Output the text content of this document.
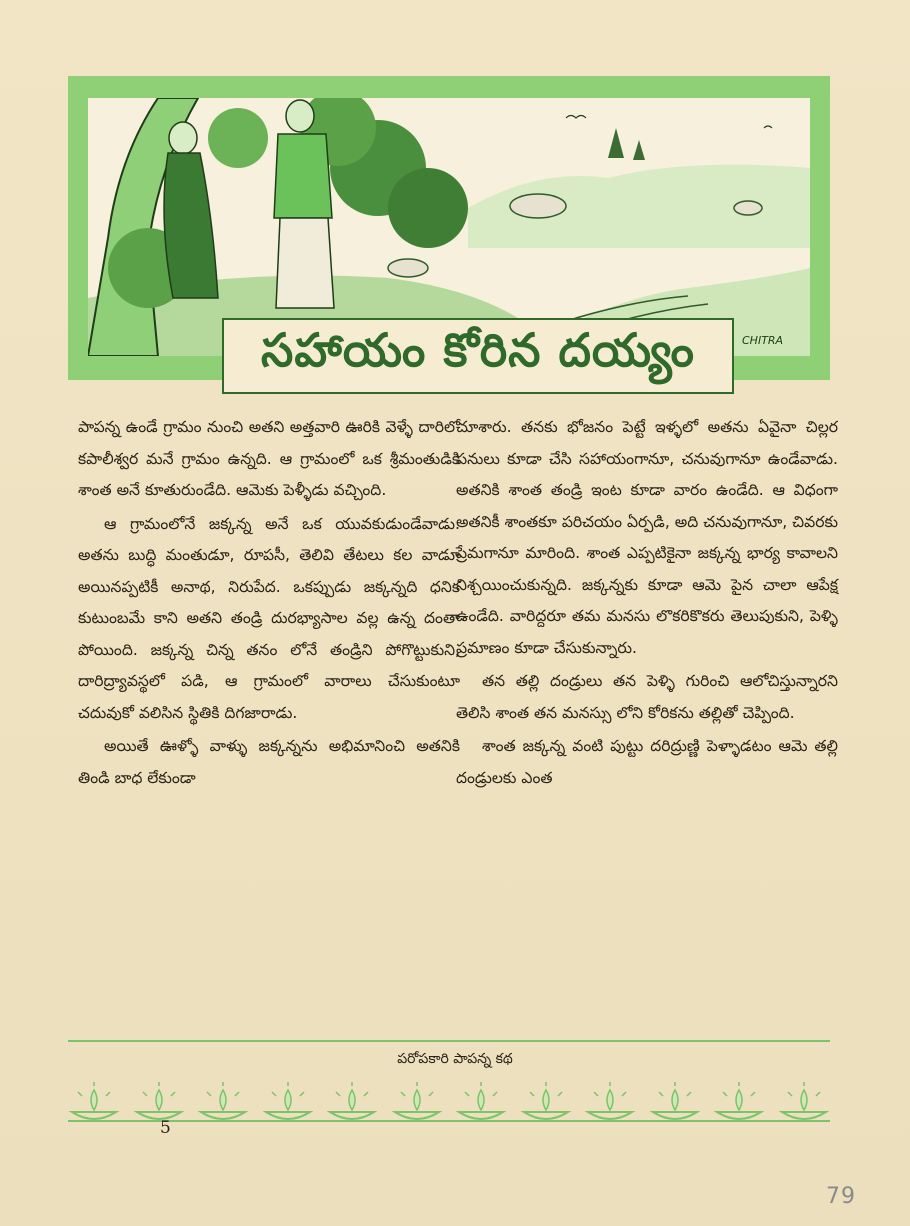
సహాయం కోరిన దయ్యం	CHITRA

పాపన్న ఉండే గ్రామం నుంచి అతని అత్తవారి ఊరికి వెళ్ళే దారిలో కపాలీశ్వర మనే గ్రామం ఉన్నది. ఆ గ్రామంలో ఒక శ్రీమంతుడికి శాంత అనే కూతురుండేది. ఆమెకు పెళ్ళీడు వచ్చింది.

ఆ గ్రామంలోనే జక్కన్న అనే ఒక యువకుడుండేవాడు. అతను బుద్ధి మంతుడూ, రూపసీ, తెలివి తేటలు కల వాడూ అయినప్పటికీ అనాథ, నిరుపేద. ఒకప్పుడు జక్కన్నది ధనిక కుటుంబమే కాని అతని తండ్రి దురభ్యాసాల వల్ల ఉన్న దంతా పోయింది. జక్కన్న చిన్న తనం లోనే తండ్రిని పోగొట్టుకుని, దారిద్ర్యావస్థలో పడి, ఆ గ్రామంలో వారాలు చేసుకుంటూ చదువుకో వలిసిన స్థితికి దిగజారాడు.

అయితే ఊళ్ళో వాళ్ళు జక్కన్నను అభిమానించి అతనికి తిండి బాధ లేకుండా

చూశారు. తనకు భోజనం పెట్టే ఇళ్ళలో అతను ఏవైనా చిల్లర పనులు కూడా చేసి సహాయంగానూ, చనువుగానూ ఉండేవాడు. అతనికి శాంత తండ్రి ఇంట కూడా వారం ఉండేది. ఆ విధంగా అతనికీ శాంతకూ పరిచయం ఏర్పడి, అది చనువుగానూ, చివరకు ప్రేమగానూ మారింది. శాంత ఎప్పటికైనా జక్కన్న భార్య కావాలని నిశ్చయించుకున్నది. జక్కన్నకు కూడా ఆమె పైన చాలా ఆపేక్ష ఉండేది. వారిద్దరూ తమ మనసు లొకరికొకరు తెలుపుకుని, పెళ్ళి ప్రమాణం కూడా చేసుకున్నారు.

తన తల్లి దండ్రులు తన పెళ్ళి గురించి ఆలోచిస్తున్నారని తెలిసి శాంత తన మనస్సు లోని కోరికను తల్లితో చెప్పింది.

శాంత జక్కన్న వంటి పుట్టు దరిద్రుణ్ణి పెళ్ళాడటం ఆమె తల్లి దండ్రులకు ఎంత

పరోపకారి పాపన్న కథ
5
79
